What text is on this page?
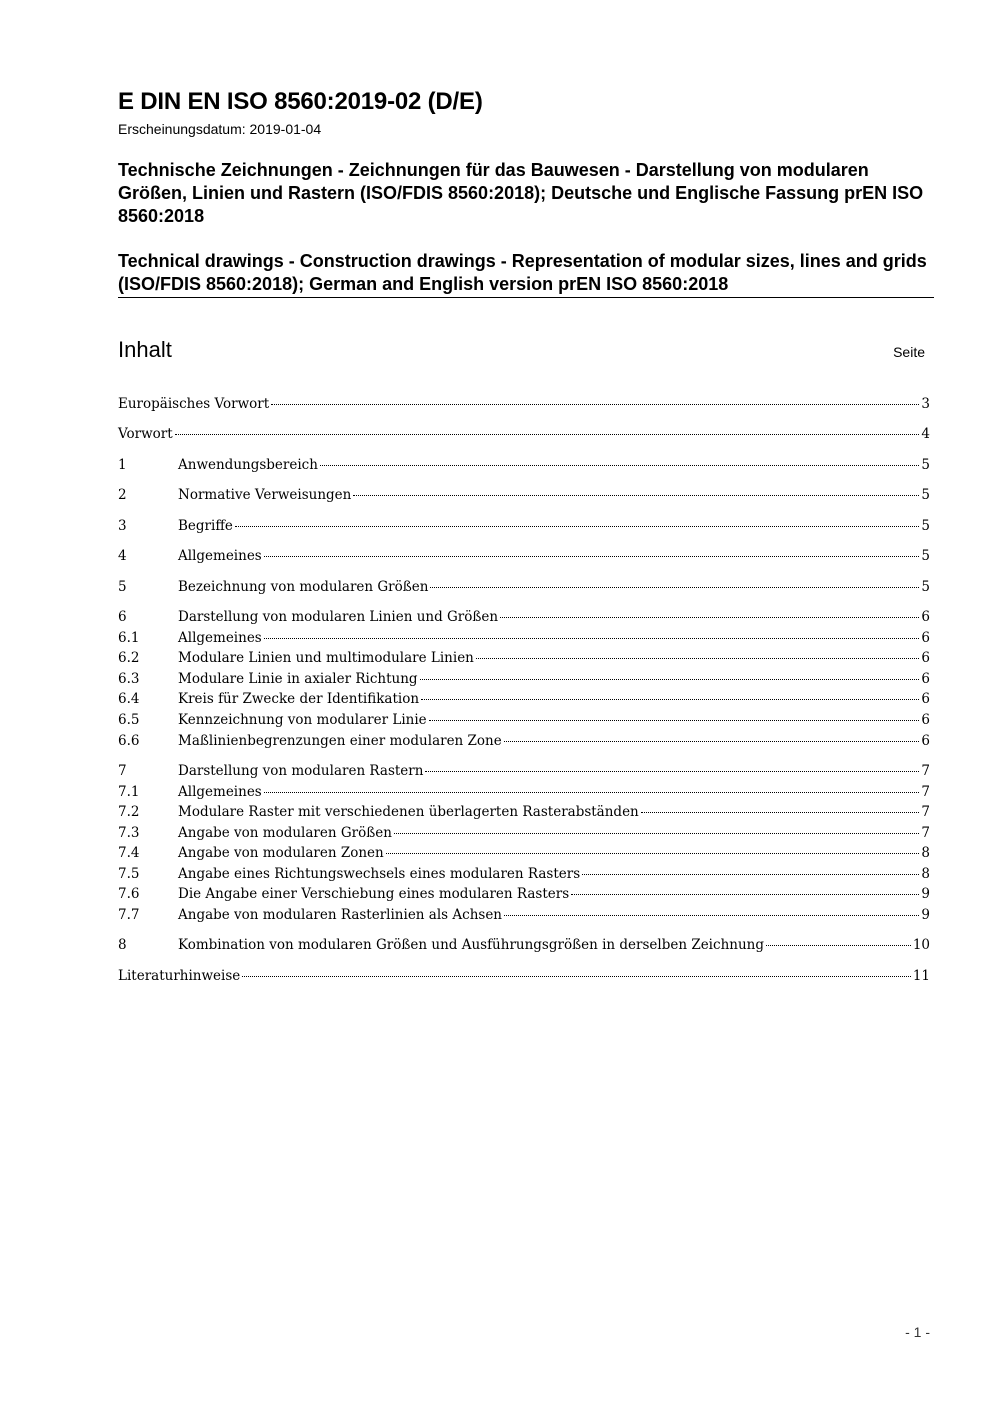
E DIN EN ISO 8560:2019-02 (D/E)
Erscheinungsdatum: 2019-01-04
Technische Zeichnungen - Zeichnungen für das Bauwesen - Darstellung von modularen Größen, Linien und Rastern (ISO/FDIS 8560:2018); Deutsche und Englische Fassung prEN ISO 8560:2018
Technical drawings - Construction drawings - Representation of modular sizes, lines and grids (ISO/FDIS 8560:2018); German and English version prEN ISO 8560:2018
Inhalt	Seite
Europäisches Vorwort	3
Vorwort	4
1	Anwendungsbereich	5
2	Normative Verweisungen	5
3	Begriffe	5
4	Allgemeines	5
5	Bezeichnung von modularen Größen	5
6	Darstellung von modularen Linien und Größen	6
6.1	Allgemeines	6
6.2	Modulare Linien und multimodulare Linien	6
6.3	Modulare Linie in axialer Richtung	6
6.4	Kreis für Zwecke der Identifikation	6
6.5	Kennzeichnung von modularer Linie	6
6.6	Maßlinienbegrenzungen einer modularen Zone	6
7	Darstellung von modularen Rastern	7
7.1	Allgemeines	7
7.2	Modulare Raster mit verschiedenen überlagerten Rasterabständen	7
7.3	Angabe von modularen Größen	7
7.4	Angabe von modularen Zonen	8
7.5	Angabe eines Richtungswechsels eines modularen Rasters	8
7.6	Die Angabe einer Verschiebung eines modularen Rasters	9
7.7	Angabe von modularen Rasterlinien als Achsen	9
8	Kombination von modularen Größen und Ausführungsgrößen in derselben Zeichnung	10
Literaturhinweise	11
- 1 -
